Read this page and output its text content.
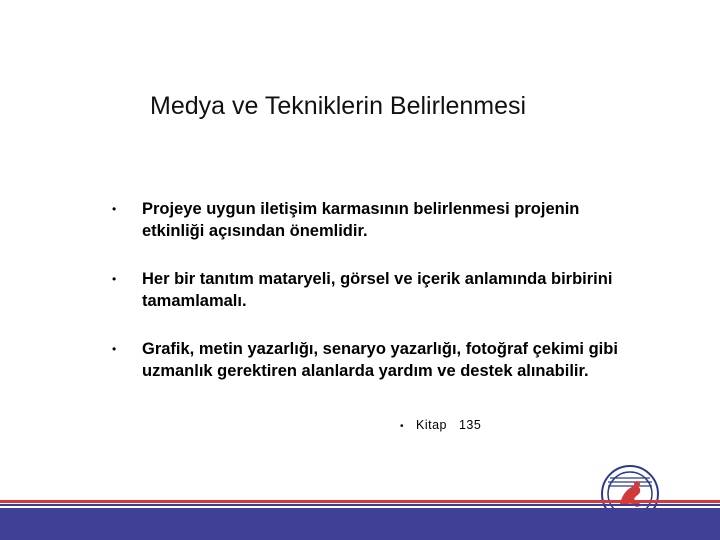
Medya ve Tekniklerin Belirlenmesi
• Projeye uygun iletişim karmasının belirlenmesi projenin
etkinliği açısından önemlidir.
• Her bir tanıtım mataryeli, görsel ve içerik anlamında birbirini
tamamlamalı.
• Grafik, metin yazarlığı, senaryo yazarlığı, fotoğraf çekimi gibi
uzmanlık gerektiren alanlarda yardım ve destek alınabilir.
• Kitap 135
